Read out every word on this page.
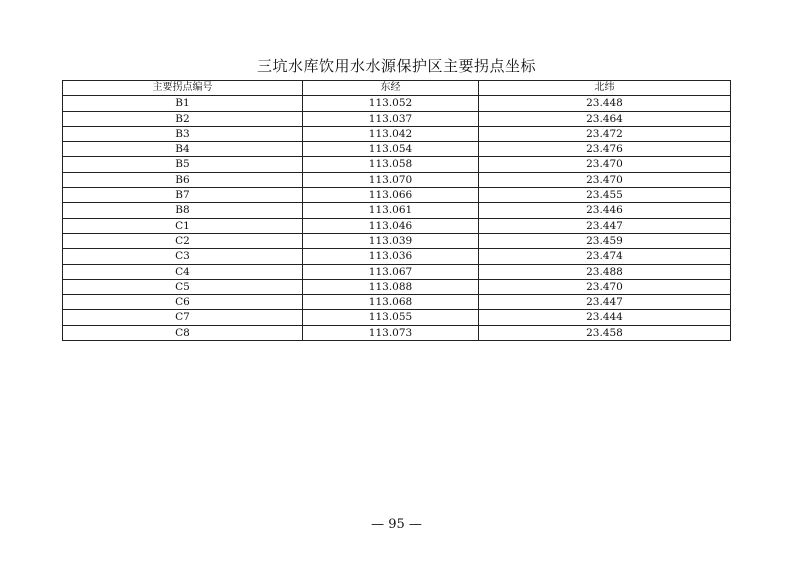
三坑水库饮用水水源保护区主要拐点坐标
主要拐点编号	东经	北纬
B1	113.052	23.448
B2	113.037	23.464
B3	113.042	23.472
B4	113.054	23.476
B5	113.058	23.470
B6	113.070	23.470
B7	113.066	23.455
B8	113.061	23.446
C1	113.046	23.447
C2	113.039	23.459
C3	113.036	23.474
C4	113.067	23.488
C5	113.088	23.470
C6	113.068	23.447
C7	113.055	23.444
C8	113.073	23.458
— 95 —
